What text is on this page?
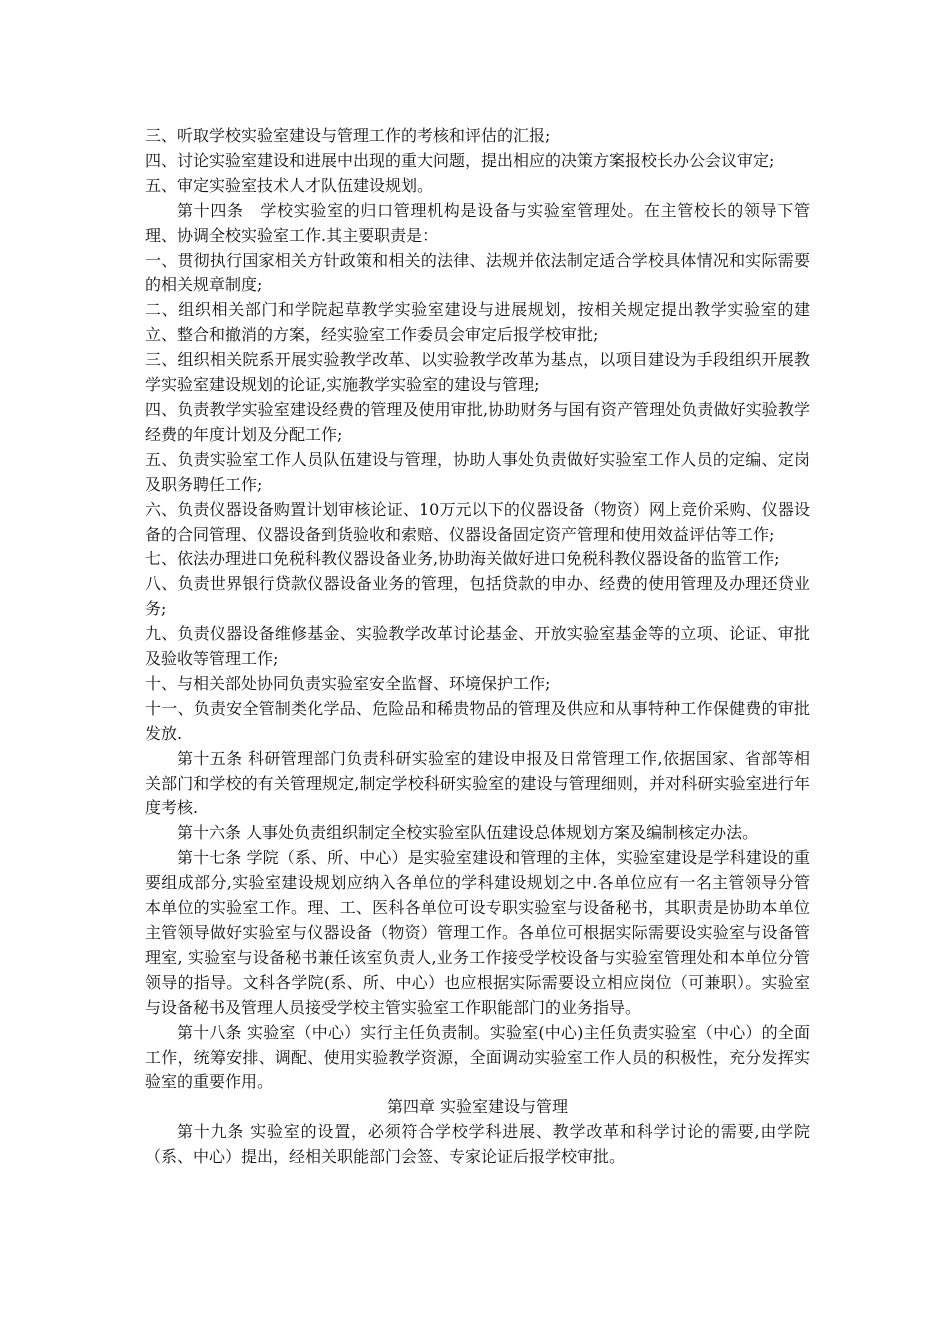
三、听取学校实验室建设与管理工作的考核和评估的汇报;

四、讨论实验室建设和进展中出现的重大问题，提出相应的决策方案报校长办公会议审定;

五、审定实验室技术人才队伍建设规划。

第十四条　学校实验室的归口管理机构是设备与实验室管理处。在主管校长的领导下管理、协调全校实验室工作.其主要职责是：

一、贯彻执行国家相关方针政策和相关的法律、法规并依法制定适合学校具体情况和实际需要的相关规章制度;

二、组织相关部门和学院起草教学实验室建设与进展规划，按相关规定提出教学实验室的建立、整合和撤消的方案，经实验室工作委员会审定后报学校审批;

三、组织相关院系开展实验教学改革、以实验教学改革为基点，以项目建设为手段组织开展教学实验室建设规划的论证,实施教学实验室的建设与管理;

四、负责教学实验室建设经费的管理及使用审批,协助财务与国有资产管理处负责做好实验教学经费的年度计划及分配工作;

五、负责实验室工作人员队伍建设与管理，协助人事处负责做好实验室工作人员的定编、定岗及职务聘任工作;

六、负责仪器设备购置计划审核论证、10万元以下的仪器设备（物资）网上竞价采购、仪器设备的合同管理、仪器设备到货验收和索赔、仪器设备固定资产管理和使用效益评估等工作;

七、依法办理进口免税科教仪器设备业务,协助海关做好进口免税科教仪器设备的监管工作;

八、负责世界银行贷款仪器设备业务的管理，包括贷款的申办、经费的使用管理及办理还贷业务;

九、负责仪器设备维修基金、实验教学改革讨论基金、开放实验室基金等的立项、论证、审批及验收等管理工作;

十、与相关部处协同负责实验室安全监督、环境保护工作;

十一、负责安全管制类化学品、危险品和稀贵物品的管理及供应和从事特种工作保健费的审批发放.

第十五条 科研管理部门负责科研实验室的建设申报及日常管理工作,依据国家、省部等相关部门和学校的有关管理规定,制定学校科研实验室的建设与管理细则，并对科研实验室进行年度考核.

第十六条 人事处负责组织制定全校实验室队伍建设总体规划方案及编制核定办法。

第十七条 学院（系、所、中心）是实验室建设和管理的主体，实验室建设是学科建设的重要组成部分,实验室建设规划应纳入各单位的学科建设规划之中.各单位应有一名主管领导分管本单位的实验室工作。理、工、医科各单位可设专职实验室与设备秘书，其职责是协助本单位主管领导做好实验室与仪器设备（物资）管理工作。各单位可根据实际需要设实验室与设备管理室, 实验室与设备秘书兼任该室负责人,业务工作接受学校设备与实验室管理处和本单位分管领导的指导。文科各学院(系、所、中心）也应根据实际需要设立相应岗位（可兼职）。实验室与设备秘书及管理人员接受学校主管实验室工作职能部门的业务指导。

第十八条 实验室（中心）实行主任负责制。实验室(中心)主任负责实验室（中心）的全面工作，统筹安排、调配、使用实验教学资源，全面调动实验室工作人员的积极性，充分发挥实验室的重要作用。

第四章 实验室建设与管理

第十九条 实验室的设置，必须符合学校学科进展、教学改革和科学讨论的需要,由学院（系、中心）提出，经相关职能部门会签、专家论证后报学校审批。
